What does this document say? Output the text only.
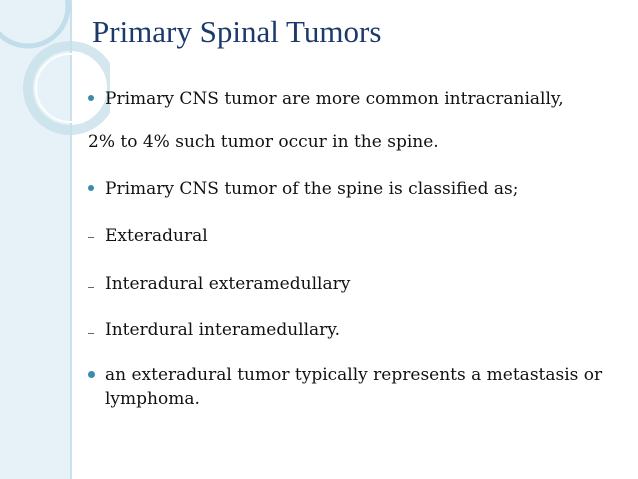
Primary Spinal Tumors
Primary CNS tumor are more common intracranially,
2% to 4% such tumor occur in the spine.
Primary CNS tumor of the spine is classified as;
Exteradural
Interadural exteramedullary
Interdural interamedullary.
an exteradural tumor typically represents a metastasis or lymphoma.
